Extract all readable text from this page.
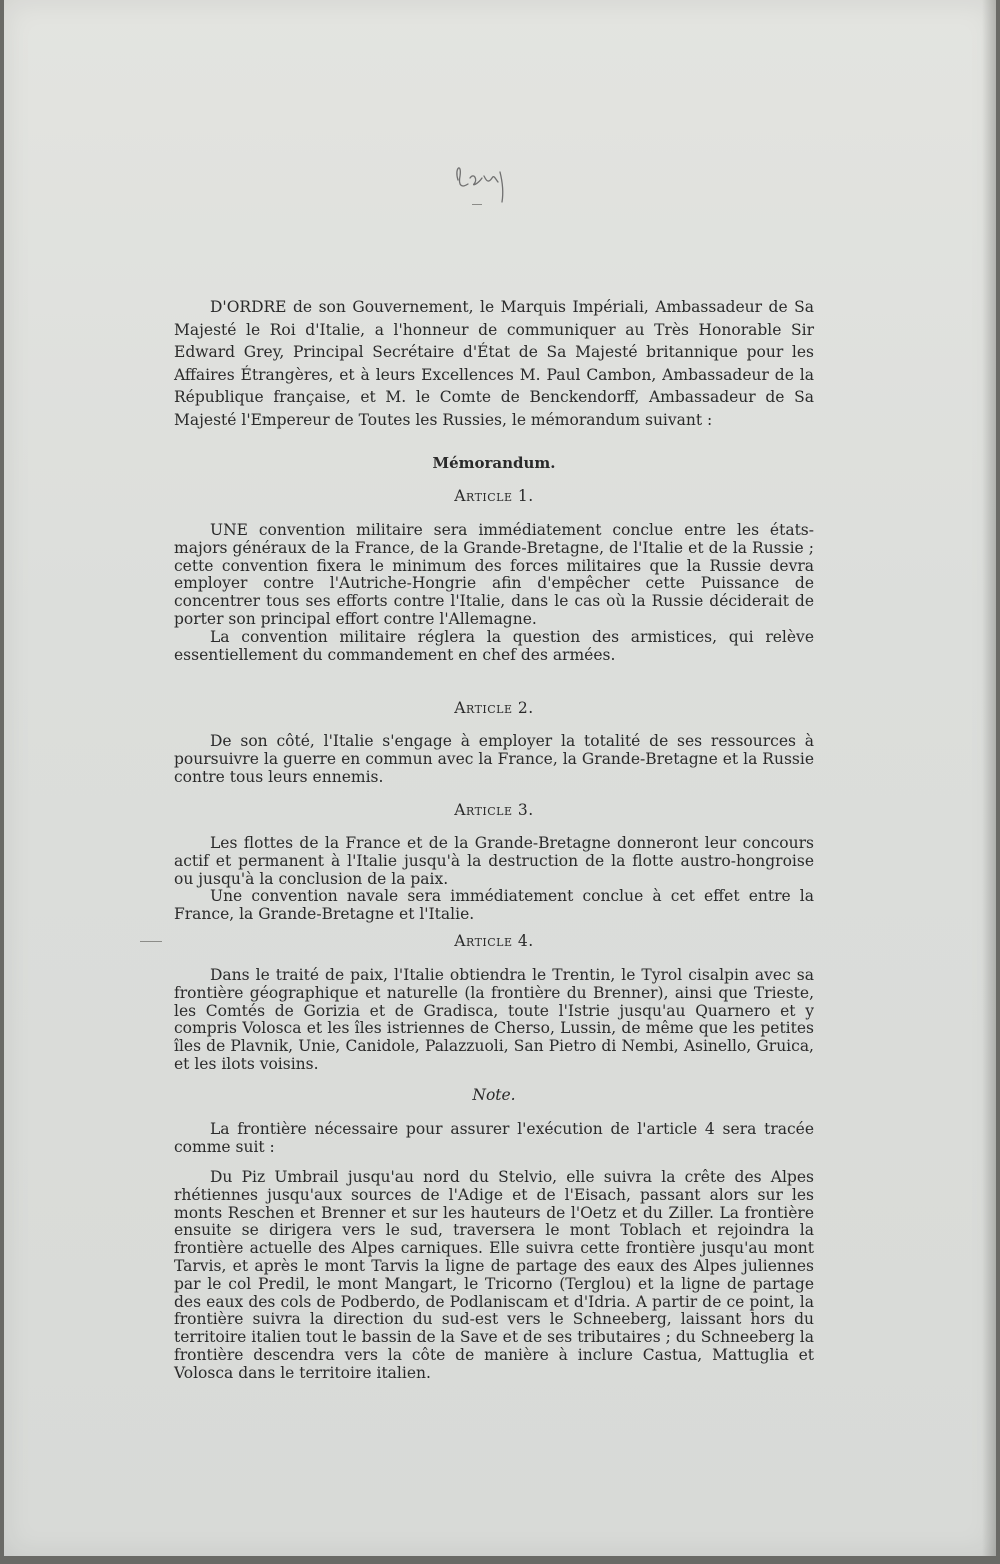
D'ORDRE de son Gouvernement, le Marquis Impériali, Ambassadeur de Sa Majesté le Roi d'Italie, a l'honneur de communiquer au Très Honorable Sir Edward Grey, Principal Secrétaire d'État de Sa Majesté britannique pour les Affaires Étrangères, et à leurs Excellences M. Paul Cambon, Ambassadeur de la République française, et M. le Comte de Benckendorff, Ambassadeur de Sa Majesté l'Empereur de Toutes les Russies, le mémorandum suivant :

Mémorandum.
Article 1.

UNE convention militaire sera immédiatement conclue entre les états-majors généraux de la France, de la Grande-Bretagne, de l'Italie et de la Russie ; cette convention fixera le minimum des forces militaires que la Russie devra employer contre l'Autriche-Hongrie afin d'empêcher cette Puissance de concentrer tous ses efforts contre l'Italie, dans le cas où la Russie déciderait de porter son principal effort contre l'Allemagne.

La convention militaire réglera la question des armistices, qui relève essentiellement du commandement en chef des armées.

Article 2.

De son côté, l'Italie s'engage à employer la totalité de ses ressources à poursuivre la guerre en commun avec la France, la Grande-Bretagne et la Russie contre tous leurs ennemis.

Article 3.

Les flottes de la France et de la Grande-Bretagne donneront leur concours actif et permanent à l'Italie jusqu'à la destruction de la flotte austro-hongroise ou jusqu'à la conclusion de la paix.

Une convention navale sera immédiatement conclue à cet effet entre la France, la Grande-Bretagne et l'Italie.

Article 4.

Dans le traité de paix, l'Italie obtiendra le Trentin, le Tyrol cisalpin avec sa frontière géographique et naturelle (la frontière du Brenner), ainsi que Trieste, les Comtés de Gorizia et de Gradisca, toute l'Istrie jusqu'au Quarnero et y compris Volosca et les îles istriennes de Cherso, Lussin, de même que les petites îles de Plavnik, Unie, Canidole, Palazzuoli, San Pietro di Nembi, Asinello, Gruica, et les ilots voisins.

Note.

La frontière nécessaire pour assurer l'exécution de l'article 4 sera tracée comme suit :

Du Piz Umbrail jusqu'au nord du Stelvio, elle suivra la crête des Alpes rhétiennes jusqu'aux sources de l'Adige et de l'Eisach, passant alors sur les monts Reschen et Brenner et sur les hauteurs de l'Oetz et du Ziller. La frontière ensuite se dirigera vers le sud, traversera le mont Toblach et rejoindra la frontière actuelle des Alpes carniques. Elle suivra cette frontière jusqu'au mont Tarvis, et après le mont Tarvis la ligne de partage des eaux des Alpes juliennes par le col Predil, le mont Mangart, le Tricorno (Terglou) et la ligne de partage des eaux des cols de Podberdo, de Podlaniscam et d'Idria. A partir de ce point, la frontière suivra la direction du sud-est vers le Schneeberg, laissant hors du territoire italien tout le bassin de la Save et de ses tributaires ; du Schneeberg la frontière descendra vers la côte de manière à inclure Castua, Mattuglia et Volosca dans le territoire italien.
